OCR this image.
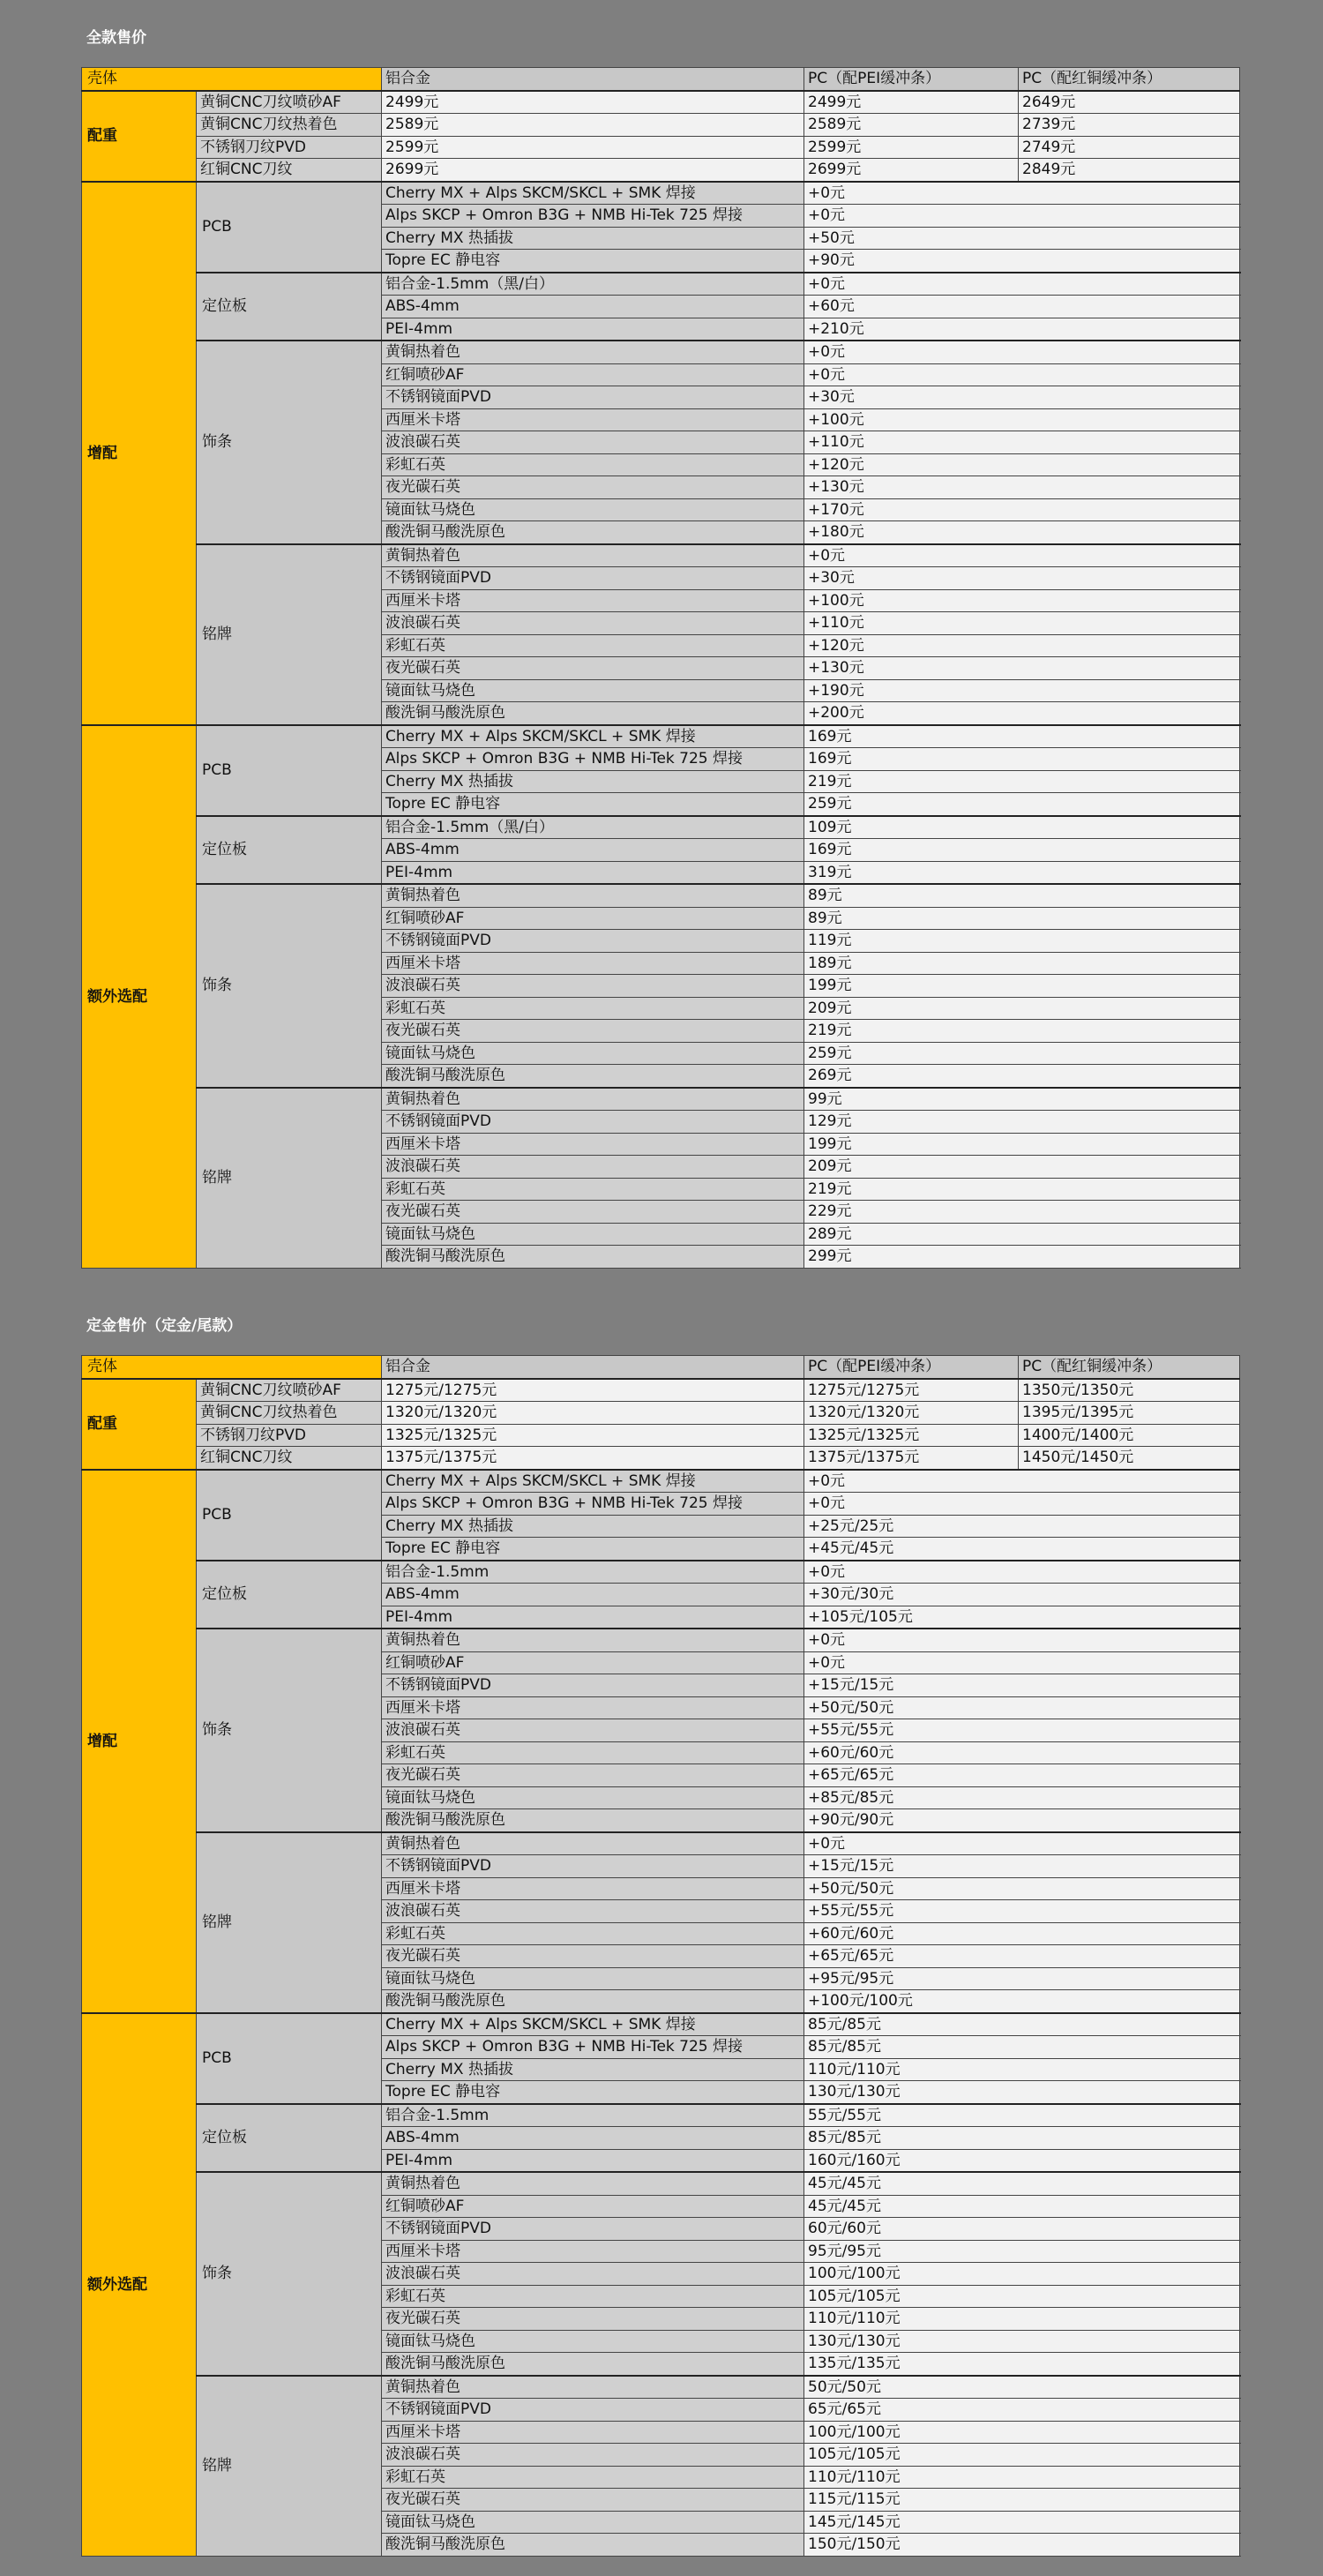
全款售价
壳体		铝合金	PC（配PEI缓冲条）	PC（配红铜缓冲条）
配重	黄铜CNC刀纹喷砂AF	2499元	2499元	2649元
	黄铜CNC刀纹热着色	2589元	2589元	2739元
	不锈钢刀纹PVD	2599元	2599元	2749元
	红铜CNC刀纹	2699元	2699元	2849元
增配	PCB	Cherry MX + Alps SKCM/SKCL + SMK 焊接	+0元	
		Alps SKCP + Omron B3G + NMB Hi-Tek 725 焊接	+0元	
		Cherry MX 热插拔	+50元	
		Topre EC 静电容	+90元	
	定位板	铝合金-1.5mm（黑/白）	+0元	
		ABS-4mm	+60元	
		PEI-4mm	+210元	
	饰条	黄铜热着色	+0元	
		红铜喷砂AF	+0元	
		不锈钢镜面PVD	+30元	
		西厘米卡塔	+100元	
		波浪碳石英	+110元	
		彩虹石英	+120元	
		夜光碳石英	+130元	
		镜面钛马烧色	+170元	
		酸洗铜马酸洗原色	+180元	
	铭牌	黄铜热着色	+0元	
		不锈钢镜面PVD	+30元	
		西厘米卡塔	+100元	
		波浪碳石英	+110元	
		彩虹石英	+120元	
		夜光碳石英	+130元	
		镜面钛马烧色	+190元	
		酸洗铜马酸洗原色	+200元	
额外选配	PCB	Cherry MX + Alps SKCM/SKCL + SMK 焊接	169元	
		Alps SKCP + Omron B3G + NMB Hi-Tek 725 焊接	169元	
		Cherry MX 热插拔	219元	
		Topre EC 静电容	259元	
	定位板	铝合金-1.5mm（黑/白）	109元	
		ABS-4mm	169元	
		PEI-4mm	319元	
	饰条	黄铜热着色	89元	
		红铜喷砂AF	89元	
		不锈钢镜面PVD	119元	
		西厘米卡塔	189元	
		波浪碳石英	199元	
		彩虹石英	209元	
		夜光碳石英	219元	
		镜面钛马烧色	259元	
		酸洗铜马酸洗原色	269元	
	铭牌	黄铜热着色	99元	
		不锈钢镜面PVD	129元	
		西厘米卡塔	199元	
		波浪碳石英	209元	
		彩虹石英	219元	
		夜光碳石英	229元	
		镜面钛马烧色	289元	
		酸洗铜马酸洗原色	299元	
定金售价（定金/尾款）
壳体		铝合金	PC（配PEI缓冲条）	PC（配红铜缓冲条）
配重	黄铜CNC刀纹喷砂AF	1275元/1275元	1275元/1275元	1350元/1350元
	黄铜CNC刀纹热着色	1320元/1320元	1320元/1320元	1395元/1395元
	不锈钢刀纹PVD	1325元/1325元	1325元/1325元	1400元/1400元
	红铜CNC刀纹	1375元/1375元	1375元/1375元	1450元/1450元
增配	PCB	Cherry MX + Alps SKCM/SKCL + SMK 焊接	+0元	
		Alps SKCP + Omron B3G + NMB Hi-Tek 725 焊接	+0元	
		Cherry MX 热插拔	+25元/25元	
		Topre EC 静电容	+45元/45元	
	定位板	铝合金-1.5mm	+0元	
		ABS-4mm	+30元/30元	
		PEI-4mm	+105元/105元	
	饰条	黄铜热着色	+0元	
		红铜喷砂AF	+0元	
		不锈钢镜面PVD	+15元/15元	
		西厘米卡塔	+50元/50元	
		波浪碳石英	+55元/55元	
		彩虹石英	+60元/60元	
		夜光碳石英	+65元/65元	
		镜面钛马烧色	+85元/85元	
		酸洗铜马酸洗原色	+90元/90元	
	铭牌	黄铜热着色	+0元	
		不锈钢镜面PVD	+15元/15元	
		西厘米卡塔	+50元/50元	
		波浪碳石英	+55元/55元	
		彩虹石英	+60元/60元	
		夜光碳石英	+65元/65元	
		镜面钛马烧色	+95元/95元	
		酸洗铜马酸洗原色	+100元/100元	
额外选配	PCB	Cherry MX + Alps SKCM/SKCL + SMK 焊接	85元/85元	
		Alps SKCP + Omron B3G + NMB Hi-Tek 725 焊接	85元/85元	
		Cherry MX 热插拔	110元/110元	
		Topre EC 静电容	130元/130元	
	定位板	铝合金-1.5mm	55元/55元	
		ABS-4mm	85元/85元	
		PEI-4mm	160元/160元	
	饰条	黄铜热着色	45元/45元	
		红铜喷砂AF	45元/45元	
		不锈钢镜面PVD	60元/60元	
		西厘米卡塔	95元/95元	
		波浪碳石英	100元/100元	
		彩虹石英	105元/105元	
		夜光碳石英	110元/110元	
		镜面钛马烧色	130元/130元	
		酸洗铜马酸洗原色	135元/135元	
	铭牌	黄铜热着色	50元/50元	
		不锈钢镜面PVD	65元/65元	
		西厘米卡塔	100元/100元	
		波浪碳石英	105元/105元	
		彩虹石英	110元/110元	
		夜光碳石英	115元/115元	
		镜面钛马烧色	145元/145元	
		酸洗铜马酸洗原色	150元/150元	
